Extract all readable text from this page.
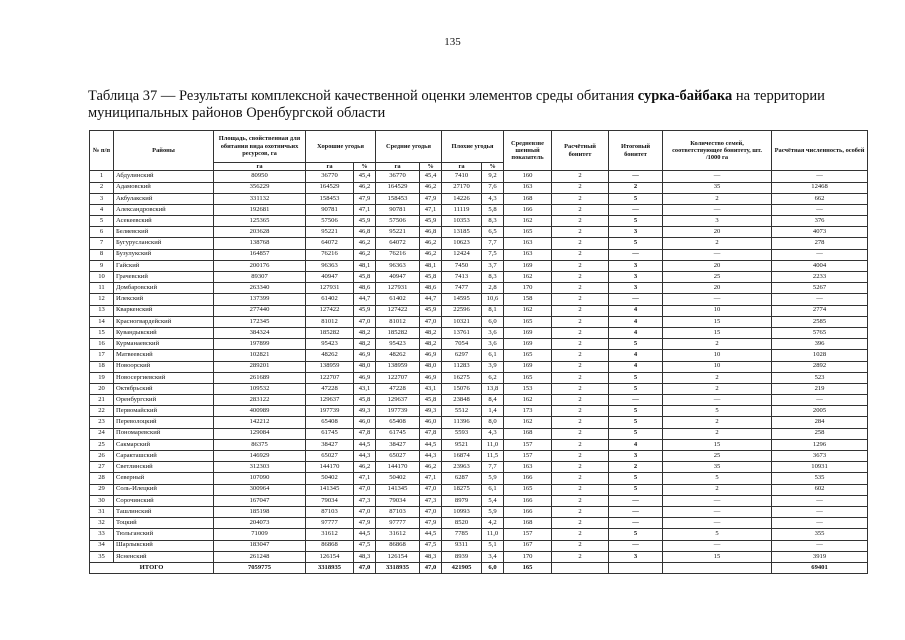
135
Таблица 37 — Результаты комплексной качественной оценки элементов среды обитания сурка-байбака на территории муниципальных районов Оренбургской области
№ п/п	Районы	Площадь, свойственная для обитания вида охотничьих ресурсов, га	Хорошие угодья		Средние угодья		Плохие угодья		Средневзве шенный показатель	Расчётный бонитет	Итоговый бонитет	Количество семей, соответствующее бонитету, шт. /1000 га	Расчётная численность, особей
		га	га	%	га	%	га	%					
1	Абдулинский	80950	36770	45,4	36770	45,4	7410	9,2	160	2	—	—	—
2	Адамовский	356229	164529	46,2	164529	46,2	27170	7,6	163	2	2	35	12468
3	Акбулакский	331132	158453	47,9	158453	47,9	14226	4,3	168	2	5	2	662
4	Александровский	192681	90781	47,1	90781	47,1	11119	5,8	166	2	—	—	—
5	Асекеевский	125365	57506	45,9	57506	45,9	10353	8,3	162	2	5	3	376
6	Беляевский	203628	95221	46,8	95221	46,8	13185	6,5	165	2	3	20	4073
7	Бугурусланский	138768	64072	46,2	64072	46,2	10623	7,7	163	2	5	2	278
8	Бузулукский	164857	76216	46,2	76216	46,2	12424	7,5	163	2	—	—	—
9	Гайский	200176	96363	48,1	96363	48,1	7450	3,7	169	2	3	20	4004
10	Грачевский	89307	40947	45,8	40947	45,8	7413	8,3	162	2	3	25	2233
11	Домбаровский	263340	127931	48,6	127931	48,6	7477	2,8	170	2	3	20	5267
12	Илекский	137399	61402	44,7	61402	44,7	14595	10,6	158	2	—	—	—
13	Кваркенский	277440	127422	45,9	127422	45,9	22596	8,1	162	2	4	10	2774
14	Красногвардейский	172345	81012	47,0	81012	47,0	10321	6,0	165	2	4	15	2585
15	Кувандыкский	384324	185282	48,2	185282	48,2	13761	3,6	169	2	4	15	5765
16	Курманаевский	197899	95423	48,2	95423	48,2	7054	3,6	169	2	5	2	396
17	Матвеевский	102821	48262	46,9	48262	46,9	6297	6,1	165	2	4	10	1028
18	Новоорский	289201	138959	48,0	138959	48,0	11283	3,9	169	2	4	10	2892
19	Новосергиевский	261689	122707	46,9	122707	46,9	16275	6,2	165	2	5	2	523
20	Октябрьский	109532	47228	43,1	47228	43,1	15076	13,8	153	2	5	2	219
21	Оренбургский	283122	129637	45,8	129637	45,8	23848	8,4	162	2	—	—	—
22	Первомайский	400989	197739	49,3	197739	49,3	5512	1,4	173	2	5	5	2005
23	Переволоцкий	142212	65408	46,0	65408	46,0	11396	8,0	162	2	5	2	284
24	Пономаревский	129084	61745	47,8	61745	47,8	5593	4,3	168	2	5	2	258
25	Сакмарский	86375	38427	44,5	38427	44,5	9521	11,0	157	2	4	15	1296
26	Саракташский	146929	65027	44,3	65027	44,3	16874	11,5	157	2	3	25	3673
27	Светлинский	312303	144170	46,2	144170	46,2	23963	7,7	163	2	2	35	10931
28	Северный	107090	50402	47,1	50402	47,1	6287	5,9	166	2	5	5	535
29	Соль-Илецкий	300964	141345	47,0	141345	47,0	18275	6,1	165	2	5	2	602
30	Сорочинский	167047	79034	47,3	79034	47,3	8979	5,4	166	2	—	—	—
31	Ташлинский	185198	87103	47,0	87103	47,0	10993	5,9	166	2	—	—	—
32	Тоцкий	204073	97777	47,9	97777	47,9	8520	4,2	168	2	—	—	—
33	Тюльганский	71009	31612	44,5	31612	44,5	7785	11,0	157	2	5	5	355
34	Шарлыкский	183047	86868	47,5	86868	47,5	9311	5,1	167	2	—	—	—
35	Ясненский	261248	126154	48,3	126154	48,3	8939	3,4	170	2	3	15	3919
ИТОГО		7059775	3318935	47,0	3318935	47,0	421905	6,0	165				69401
